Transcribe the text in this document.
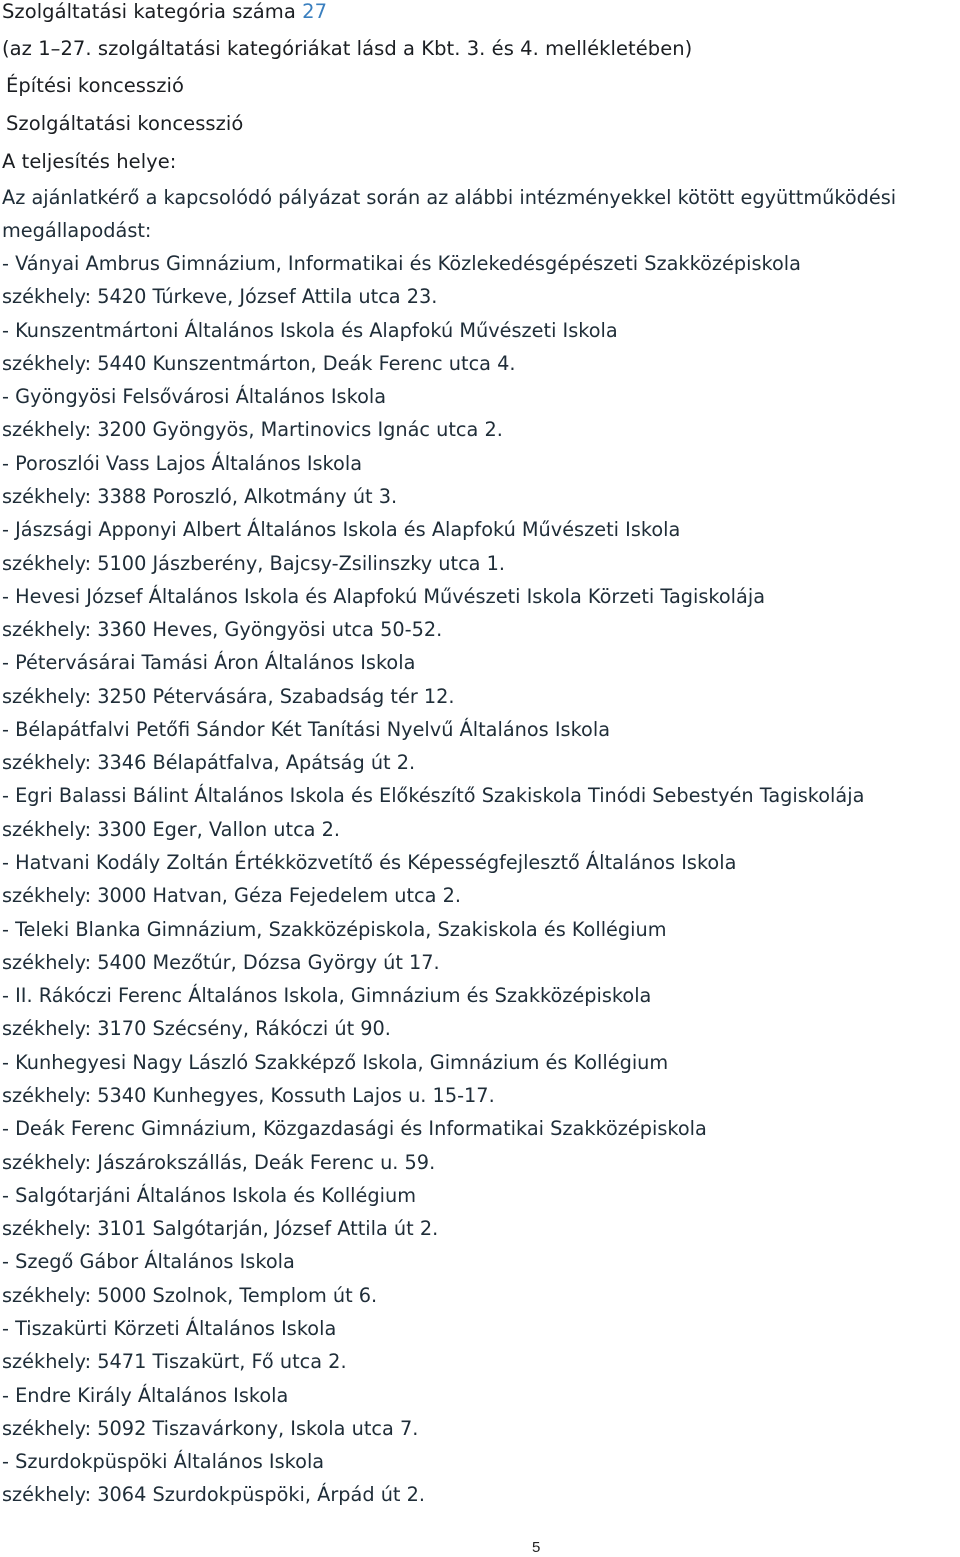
Szolgáltatási kategória száma 27
(az 1–27. szolgáltatási kategóriákat lásd a Kbt. 3. és 4. mellékletében)
Építési koncesszió
Szolgáltatási koncesszió
A teljesítés helye:
Az ajánlatkérő a kapcsolódó pályázat során az alábbi intézményekkel kötött együttműködési
megállapodást:
- Ványai Ambrus Gimnázium, Informatikai és Közlekedésgépészeti Szakközépiskola
székhely: 5420 Túrkeve, József Attila utca 23.
- Kunszentmártoni Általános Iskola és Alapfokú Művészeti Iskola
székhely: 5440 Kunszentmárton, Deák Ferenc utca 4.
- Gyöngyösi Felsővárosi Általános Iskola
székhely: 3200 Gyöngyös, Martinovics Ignác utca 2.
- Poroszlói Vass Lajos Általános Iskola
székhely: 3388 Poroszló, Alkotmány út 3.
- Jászsági Apponyi Albert Általános Iskola és Alapfokú Művészeti Iskola
székhely: 5100 Jászberény, Bajcsy-Zsilinszky utca 1.
- Hevesi József Általános Iskola és Alapfokú Művészeti Iskola Körzeti Tagiskolája
székhely: 3360 Heves, Gyöngyösi utca 50-52.
- Pétervásárai Tamási Áron Általános Iskola
székhely: 3250 Pétervására, Szabadság tér 12.
- Bélapátfalvi Petőfi Sándor Két Tanítási Nyelvű Általános Iskola
székhely: 3346 Bélapátfalva, Apátság út 2.
- Egri Balassi Bálint Általános Iskola és Előkészítő Szakiskola Tinódi Sebestyén Tagiskolája
székhely: 3300 Eger, Vallon utca 2.
- Hatvani Kodály Zoltán Értékközvetítő és Képességfejlesztő Általános Iskola
székhely: 3000 Hatvan, Géza Fejedelem utca 2.
- Teleki Blanka Gimnázium, Szakközépiskola, Szakiskola és Kollégium
székhely: 5400 Mezőtúr, Dózsa György út 17.
- II. Rákóczi Ferenc Általános Iskola, Gimnázium és Szakközépiskola
székhely: 3170 Szécsény, Rákóczi út 90.
- Kunhegyesi Nagy László Szakképző Iskola, Gimnázium és Kollégium
székhely: 5340 Kunhegyes, Kossuth Lajos u. 15-17.
- Deák Ferenc Gimnázium, Közgazdasági és Informatikai Szakközépiskola
székhely: Jászárokszállás, Deák Ferenc u. 59.
- Salgótarjáni Általános Iskola és Kollégium
székhely: 3101 Salgótarján, József Attila út 2.
- Szegő Gábor Általános Iskola
székhely: 5000 Szolnok, Templom út 6.
- Tiszakürti Körzeti Általános Iskola
székhely: 5471 Tiszakürt, Fő utca 2.
- Endre Király Általános Iskola
székhely: 5092 Tiszavárkony, Iskola utca 7.
- Szurdokpüspöki Általános Iskola
székhely: 3064 Szurdokpüspöki, Árpád út 2.
5
